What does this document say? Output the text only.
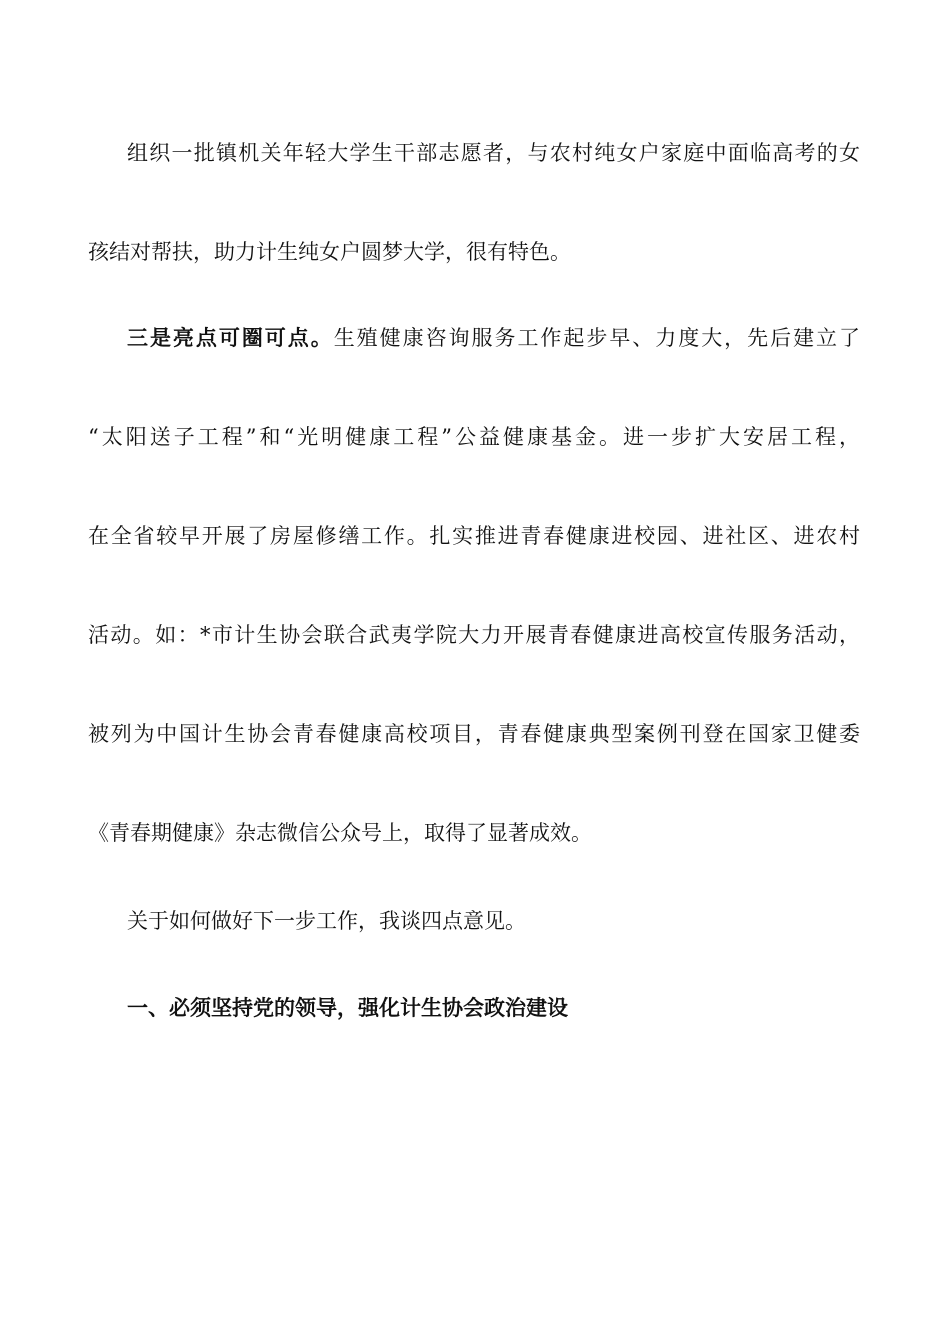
组织一批镇机关年轻大学生干部志愿者，与农村纯女户家庭中面临高考的女
孩结对帮扶，助力计生纯女户圆梦大学，很有特色。
三是亮点可圈可点。生殖健康咨询服务工作起步早、力度大，先后建立了
“太阳送子工程”和“光明健康工程”公益健康基金。进一步扩大安居工程，
在全省较早开展了房屋修缮工作。扎实推进青春健康进校园、进社区、进农村
活动。如：*市计生协会联合武夷学院大力开展青春健康进高校宣传服务活动，
被列为中国计生协会青春健康高校项目，青春健康典型案例刊登在国家卫健委
《青春期健康》杂志微信公众号上，取得了显著成效。
关于如何做好下一步工作，我谈四点意见。
一、必须坚持党的领导，强化计生协会政治建设
